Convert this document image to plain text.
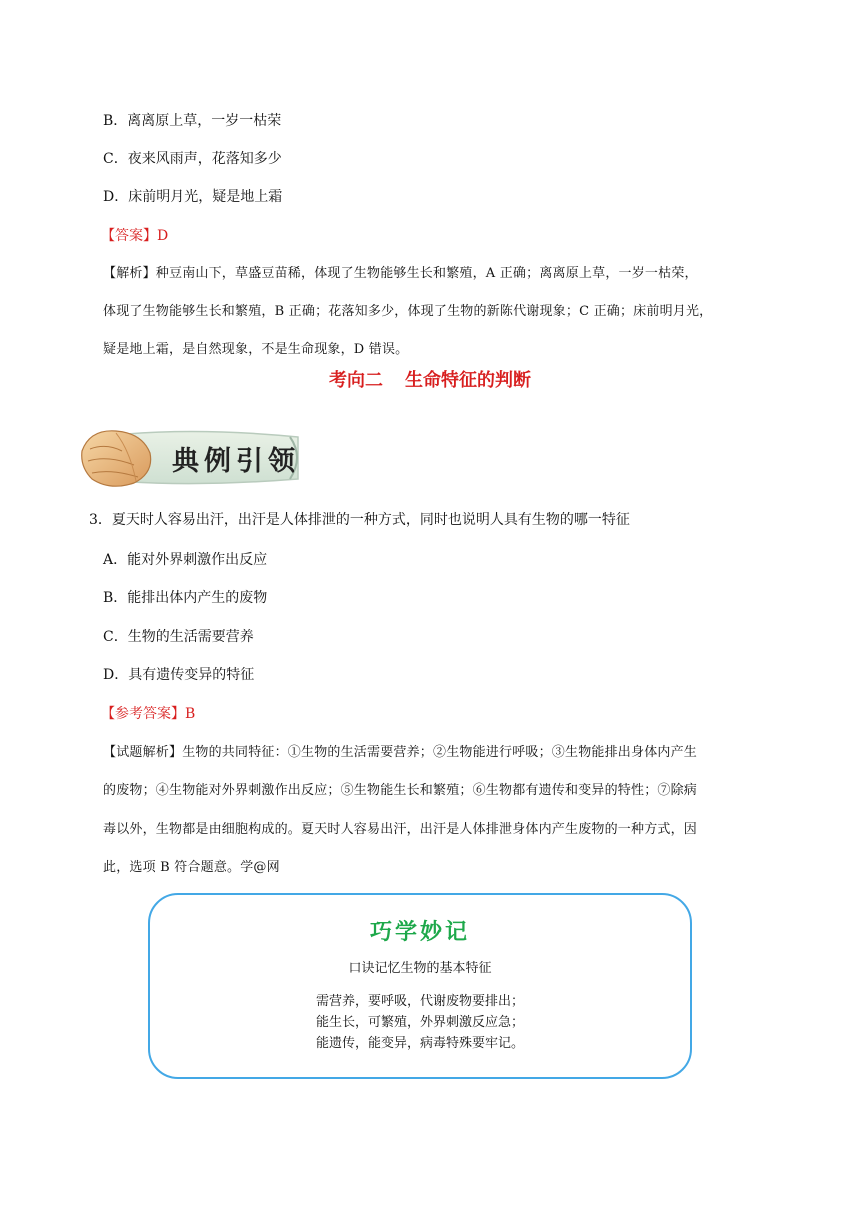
B．离离原上草，一岁一枯荣
C．夜来风雨声，花落知多少
D．床前明月光，疑是地上霜
【答案】D
【解析】种豆南山下，草盛豆苗稀，体现了生物能够生长和繁殖，A 正确；离离原上草，一岁一枯荣，
体现了生物能够生长和繁殖，B 正确；花落知多少，体现了生物的新陈代谢现象；C 正确；床前明月光，
疑是地上霜，是自然现象，不是生命现象，D 错误。
考向二 生命特征的判断
典例引领
3．夏天时人容易出汗，出汗是人体排泄的一种方式，同时也说明人具有生物的哪一特征
A．能对外界刺激作出反应
B．能排出体内产生的废物
C．生物的生活需要营养
D．具有遗传变异的特征
【参考答案】B
【试题解析】生物的共同特征：①生物的生活需要营养；②生物能进行呼吸；③生物能排出身体内产生
的废物；④生物能对外界刺激作出反应；⑤生物能生长和繁殖；⑥生物都有遗传和变异的特性；⑦除病
毒以外，生物都是由细胞构成的。夏天时人容易出汗，出汗是人体排泄身体内产生废物的一种方式，因
此，选项 B 符合题意。学@网
巧学妙记
口诀记忆生物的基本特征
需营养，要呼吸，代谢废物要排出；
能生长，可繁殖，外界刺激反应急；
能遗传，能变异，病毒特殊要牢记。
